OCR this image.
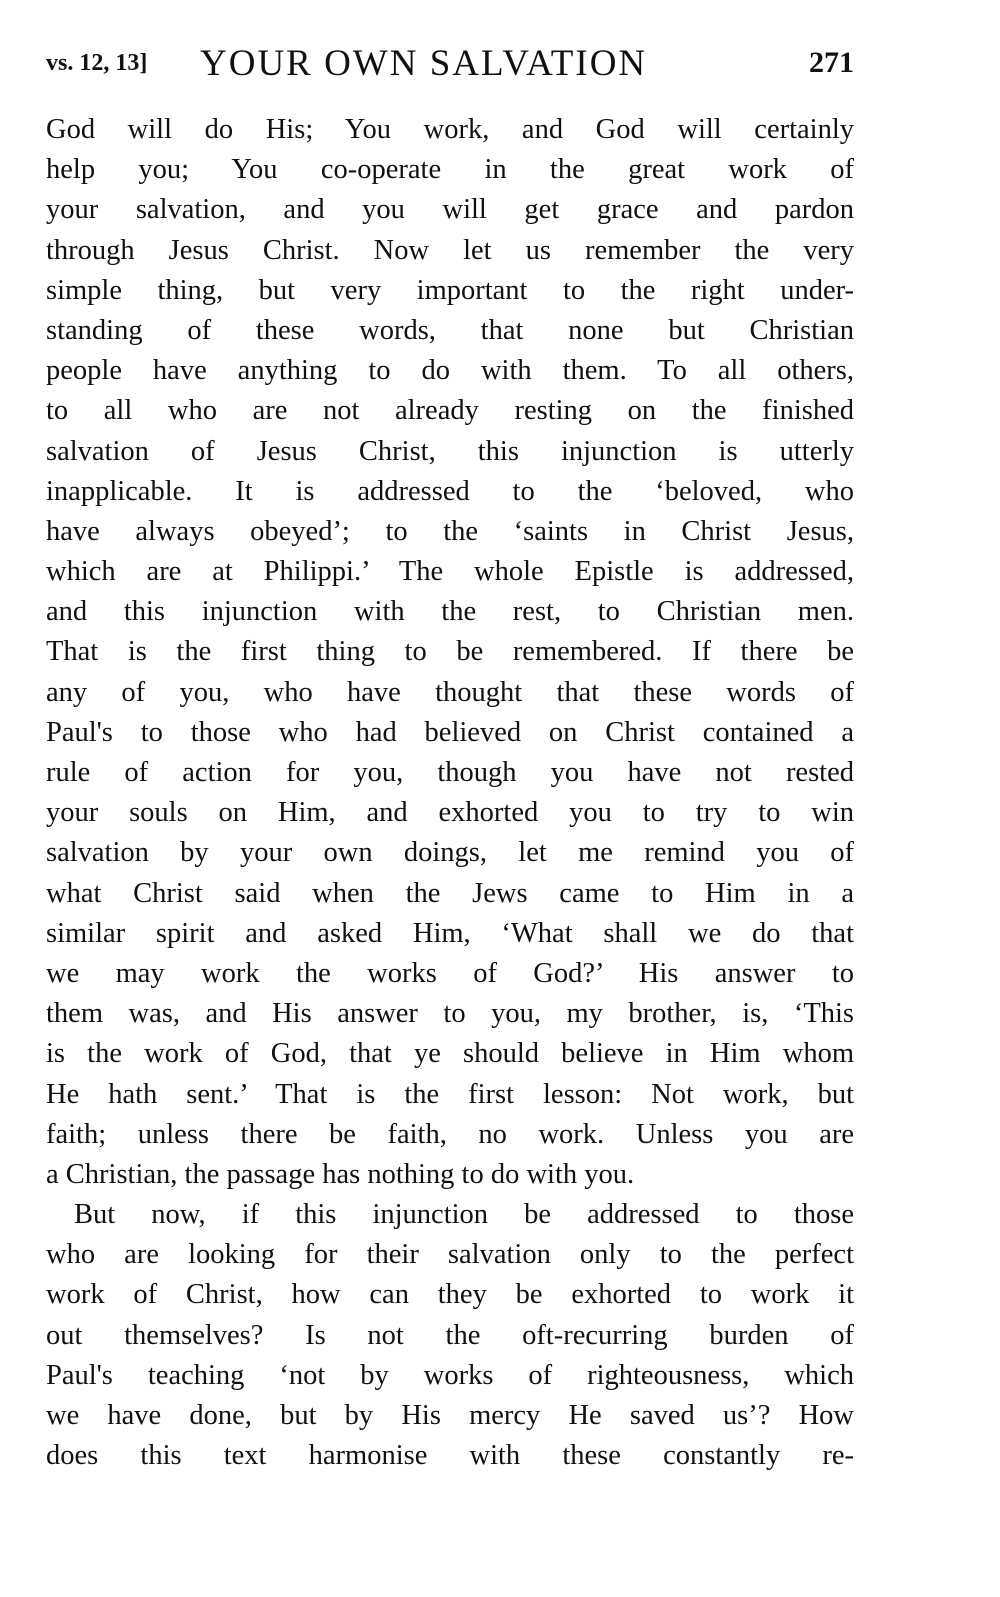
vs. 12, 13] YOUR OWN SALVATION	271
God will do His; You work, and God will certainly
help you; You co-operate in the great work of
your salvation, and you will get grace and pardon
through Jesus Christ. Now let us remember the very
simple thing, but very important to the right under-
standing of these words, that none but Christian
people have anything to do with them. To all others,
to all who are not already resting on the finished
salvation of Jesus Christ, this injunction is utterly
inapplicable. It is addressed to the ‘beloved, who
have always obeyed’; to the ‘saints in Christ Jesus,
which are at Philippi.’ The whole Epistle is addressed,
and this injunction with the rest, to Christian men.
That is the first thing to be remembered. If there be
any of you, who have thought that these words of
Paul's to those who had believed on Christ contained a
rule of action for you, though you have not rested
your souls on Him, and exhorted you to try to win
salvation by your own doings, let me remind you of
what Christ said when the Jews came to Him in a
similar spirit and asked Him, ‘What shall we do that
we may work the works of God?’ His answer to
them was, and His answer to you, my brother, is, ‘This
is the work of God, that ye should believe in Him whom
He hath sent.’ That is the first lesson: Not work, but
faith; unless there be faith, no work. Unless you are
a Christian, the passage has nothing to do with you.
But now, if this injunction be addressed to those
who are looking for their salvation only to the perfect
work of Christ, how can they be exhorted to work it
out themselves? Is not the oft-recurring burden of
Paul's teaching ‘not by works of righteousness, which
we have done, but by His mercy He saved us’? How
does this text harmonise with these constantly re-
